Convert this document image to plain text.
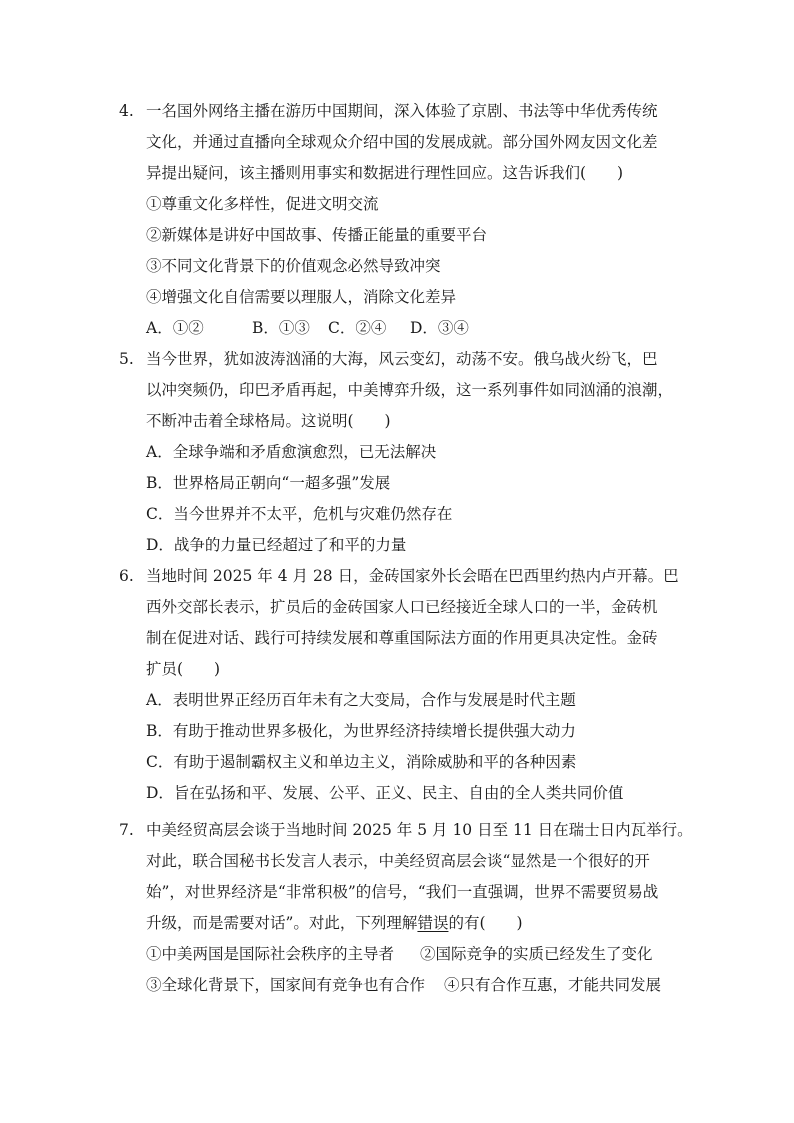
4. 一名国外网络主播在游历中国期间，深入体验了京剧、书法等中华优秀传统
文化，并通过直播向全球观众介绍中国的发展成就。部分国外网友因文化差
异提出疑问，该主播则用事实和数据进行理性回应。这告诉我们(　　)
①尊重文化多样性，促进文明交流
②新媒体是讲好中国故事、传播正能量的重要平台
③不同文化背景下的价值观念必然导致冲突
④增强文化自信需要以理服人，消除文化差异
A．①②	B．①③ C．②④ D．③④
5. 当今世界，犹如波涛汹涌的大海，风云变幻，动荡不安。俄乌战火纷飞，巴
以冲突频仍，印巴矛盾再起，中美博弈升级，这一系列事件如同汹涌的浪潮，
不断冲击着全球格局。这说明(　　)
A．全球争端和矛盾愈演愈烈，已无法解决
B．世界格局正朝向“一超多强”发展
C．当今世界并不太平，危机与灾难仍然存在
D．战争的力量已经超过了和平的力量
6. 当地时间 2025 年 4 月 28 日，金砖国家外长会晤在巴西里约热内卢开幕。巴
西外交部长表示，扩员后的金砖国家人口已经接近全球人口的一半，金砖机
制在促进对话、践行可持续发展和尊重国际法方面的作用更具决定性。金砖
扩员(　　)
A．表明世界正经历百年未有之大变局，合作与发展是时代主题
B．有助于推动世界多极化，为世界经济持续增长提供强大动力
C．有助于遏制霸权主义和单边主义，消除威胁和平的各种因素
D．旨在弘扬和平、发展、公平、正义、民主、自由的全人类共同价值
7. 中美经贸高层会谈于当地时间 2025 年 5 月 10 日至 11 日在瑞士日内瓦举行。
对此，联合国秘书长发言人表示，中美经贸高层会谈“显然是一个很好的开
始”，对世界经济是“非常积极”的信号，“我们一直强调，世界不需要贸易战
升级，而是需要对话”。对此，下列理解错误的有(　　)
①中美两国是国际社会秩序的主导者 ②国际竞争的实质已经发生了变化
③全球化背景下，国家间有竞争也有合作 ④只有合作互惠，才能共同发展
